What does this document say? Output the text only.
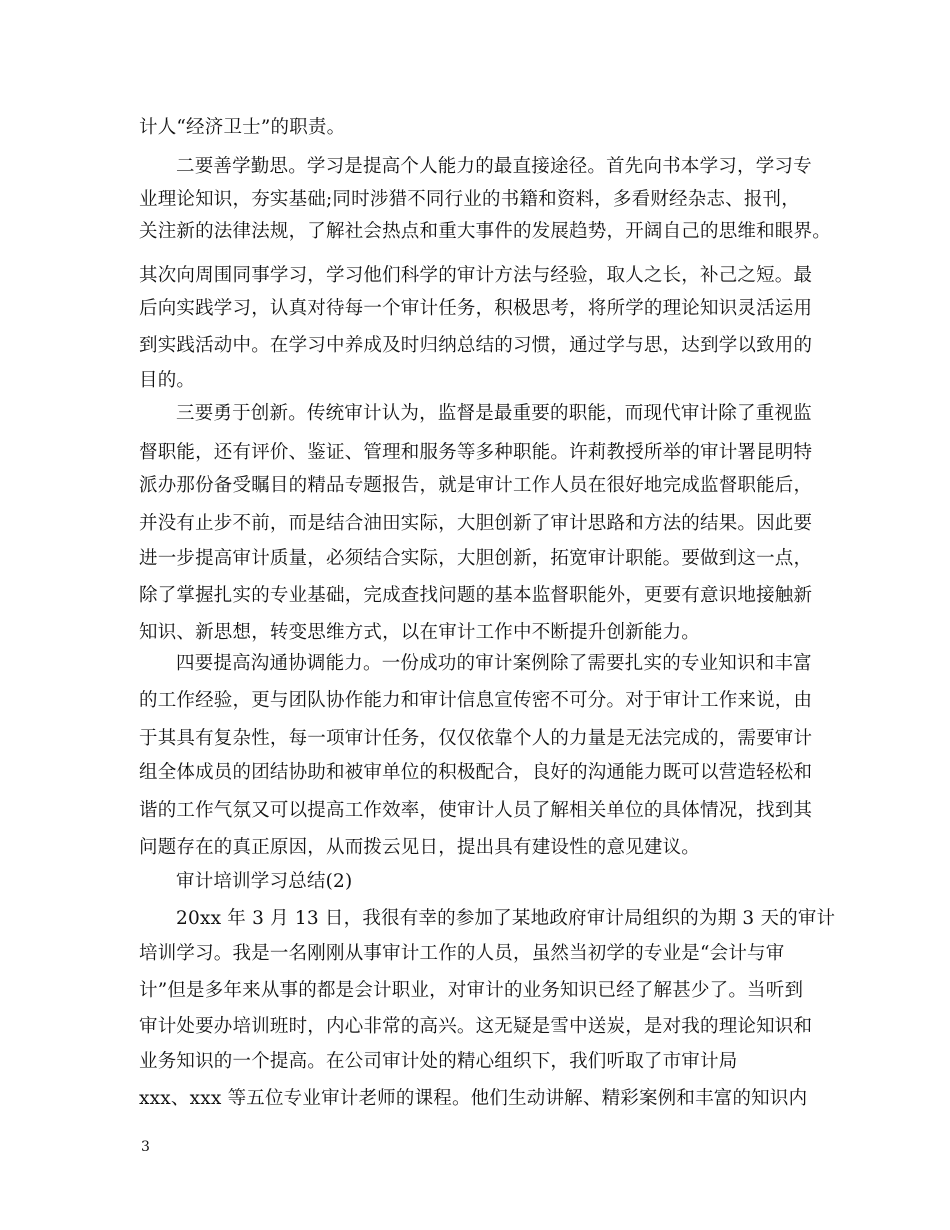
计人“经济卫士”的职责。
二要善学勤思。学习是提高个人能力的最直接途径。首先向书本学习，学习专
业理论知识，夯实基础;同时涉猎不同行业的书籍和资料，多看财经杂志、报刊，
关注新的法律法规，了解社会热点和重大事件的发展趋势，开阔自己的思维和眼界。
其次向周围同事学习，学习他们科学的审计方法与经验，取人之长，补己之短。最
后向实践学习，认真对待每一个审计任务，积极思考，将所学的理论知识灵活运用
到实践活动中。在学习中养成及时归纳总结的习惯，通过学与思，达到学以致用的
目的。
三要勇于创新。传统审计认为，监督是最重要的职能，而现代审计除了重视监
督职能，还有评价、鉴证、管理和服务等多种职能。许莉教授所举的审计署昆明特
派办那份备受瞩目的精品专题报告，就是审计工作人员在很好地完成监督职能后，
并没有止步不前，而是结合油田实际，大胆创新了审计思路和方法的结果。因此要
进一步提高审计质量，必须结合实际，大胆创新，拓宽审计职能。要做到这一点，
除了掌握扎实的专业基础，完成查找问题的基本监督职能外，更要有意识地接触新
知识、新思想，转变思维方式，以在审计工作中不断提升创新能力。
四要提高沟通协调能力。一份成功的审计案例除了需要扎实的专业知识和丰富
的工作经验，更与团队协作能力和审计信息宣传密不可分。对于审计工作来说，由
于其具有复杂性，每一项审计任务，仅仅依靠个人的力量是无法完成的，需要审计
组全体成员的团结协助和被审单位的积极配合，良好的沟通能力既可以营造轻松和
谐的工作气氛又可以提高工作效率，使审计人员了解相关单位的具体情况，找到其
问题存在的真正原因，从而拨云见日，提出具有建设性的意见建议。
审计培训学习总结(2)
20xx 年 3 月 13 日，我很有幸的参加了某地政府审计局组织的为期 3 天的审计
培训学习。我是一名刚刚从事审计工作的人员，虽然当初学的专业是“会计与审
计”但是多年来从事的都是会计职业，对审计的业务知识已经了解甚少了。当听到
审计处要办培训班时，内心非常的高兴。这无疑是雪中送炭，是对我的理论知识和
业务知识的一个提高。在公司审计处的精心组织下，我们听取了市审计局
xxx、xxx 等五位专业审计老师的课程。他们生动讲解、精彩案例和丰富的知识内
3
